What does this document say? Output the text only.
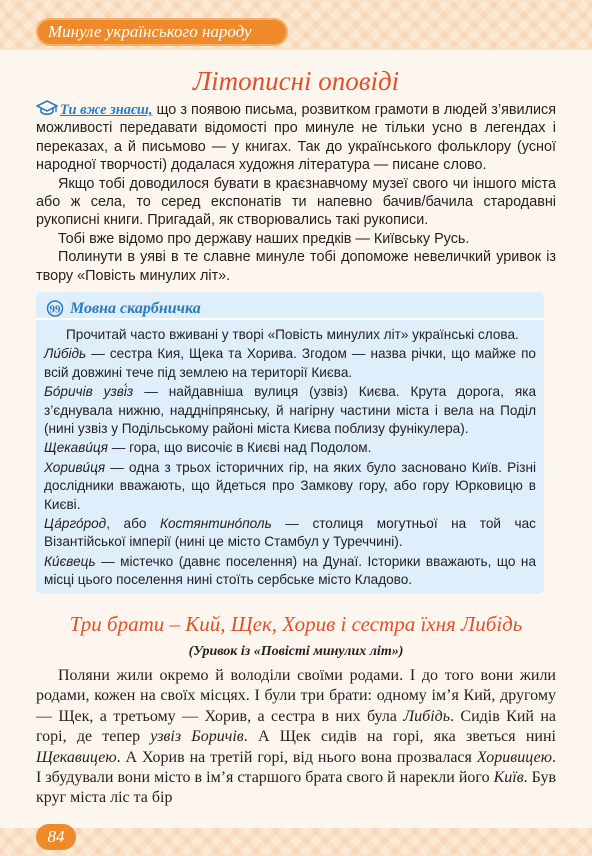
Минуле українського народу
Літописні оповіді

Ти вже знаєш, що з появою письма, розвитком грамоти в людей з’явилися можливості передавати відомості про минуле не тільки усно в легендах і переказах, а й письмово — у книгах. Так до українського фольклору (усної народної творчості) додалася художня література — писане слово.

Якщо тобі доводилося бувати в краєзнавчому музеї свого чи іншого міста або ж села, то серед експонатів ти напевно бачив/бачила стародавні рукописні книги. Пригадай, як створювались такі рукописи.

Тобі вже відомо про державу наших предків — Київську Русь.

Полинути в уяві в те славне минуле тобі допоможе невеличкий уривок із твору «Повість минулих літ».

99 Мовна скарбничка

Прочитай часто вживані у творі «Повість минулих літ» українські слова.

Ли́бідь — сестра Кия, Щека та Хорива. Згодом — назва річки, що майже по всій довжині тече під землею на території Києва.

Бо́ричів узві́з — найдавніша вулиця (узвіз) Києва. Крута дорога, яка з’єднувала нижню, наддніпрянську, й нагірну частини міста і вела на Поділ (нині узвіз у Подільському районі міста Києва поблизу фунікулера).

Щекави́ця — гора, що височіє в Києві над Подолом.

Хориви́ця — одна з трьох історичних гір, на яких було засновано Київ. Різні дослідники вважають, що йдеться про Замкову гору, або гору Юрковицю в Києві.

Ца́рго́род, або Костянтино́поль — столиця могутньої на той час Візантійської імперії (нині це місто Стамбул у Туреччині).

Ки́євець — містечко (давнє поселення) на Дунаї. Історики вважають, що на місці цього поселення нині стоїть сербське місто Кладово.

Три брати – Кий, Щек, Хорив і сестра їхня Либідь
(Уривок із «Повісті минулих літ»)

Поляни жили окремо й володіли своїми родами. І до того вони жили родами, кожен на своїх місцях. І були три брати: одному ім’я Кий, другому — Щек, а третьому — Хорив, а сестра в них була Либідь. Сидів Кий на горі, де тепер узвіз Боричів. А Щек сидів на горі, яка зветься нині Щекавицею. А Хорив на третій горі, від нього вона прозвалася Хоривицею. І збудували вони місто в ім’я старшого брата свого й нарекли його Київ. Був круг міста ліс та бір

84
